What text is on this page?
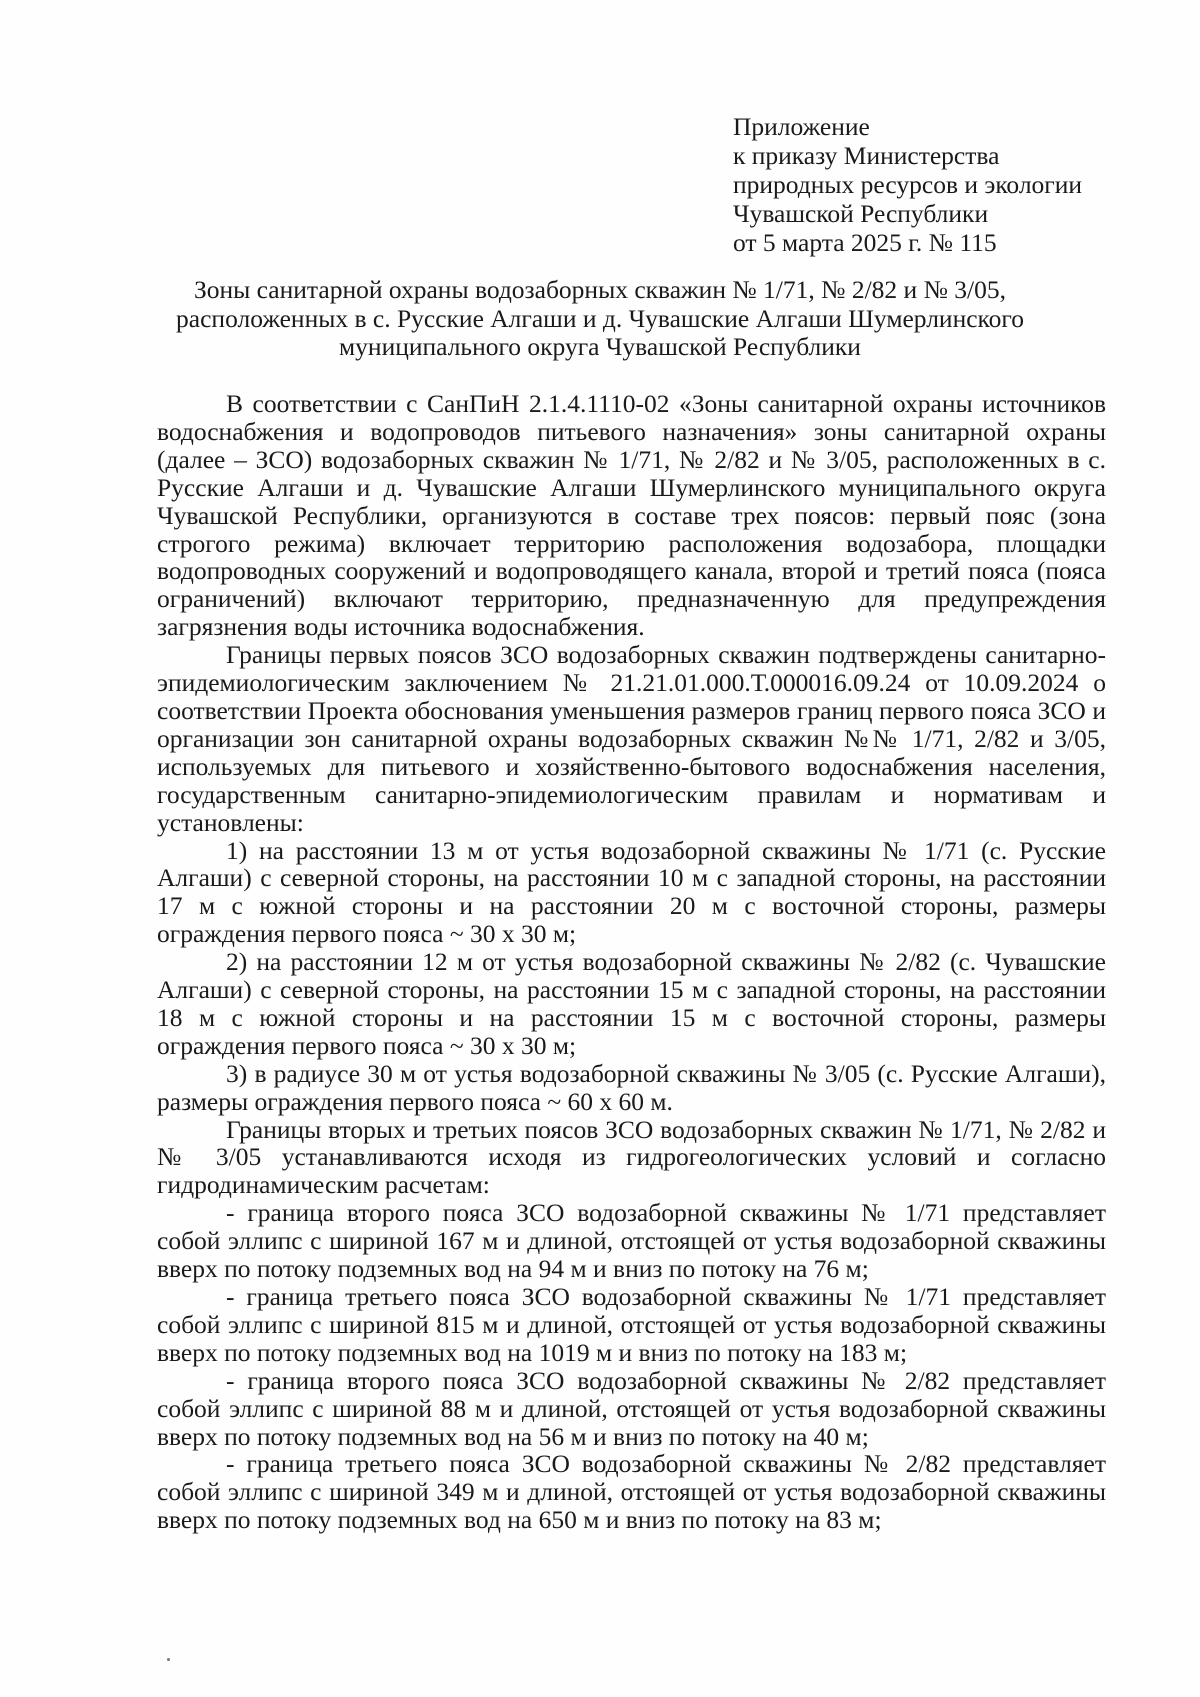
Приложение
к приказу Министерства
природных ресурсов и экологии
Чувашской Республики
от 5 марта 2025 г. № 115
Зоны санитарной охраны водозаборных скважин № 1/71, № 2/82 и № 3/05,
расположенных в с. Русские Алгаши и д. Чувашские Алгаши Шумерлинского
муниципального округа Чувашской Республики

В соответствии с СанПиН 2.1.4.1110-02 «Зоны санитарной охраны источников водоснабжения и водопроводов питьевого назначения» зоны санитарной охраны (далее – ЗСО) водозаборных скважин № 1/71, № 2/82 и № 3/05, расположенных в с. Русские Алгаши и д. Чувашские Алгаши Шумерлинского муниципального округа Чувашской Республики, организуются в составе трех поясов: первый пояс (зона строгого режима) включает территорию расположения водозабора, площадки водопроводных сооружений и водопроводящего канала, второй и третий пояса (пояса ограничений) включают территорию, предназначенную для предупреждения загрязнения воды источника водоснабжения.

Границы первых поясов ЗСО водозаборных скважин подтверждены санитарно-эпидемиологическим заключением № 21.21.01.000.Т.000016.09.24 от 10.09.2024 о соответствии Проекта обоснования уменьшения размеров границ первого пояса ЗСО и организации зон санитарной охраны водозаборных скважин №№ 1/71, 2/82 и 3/05, используемых для питьевого и хозяйственно-бытового водоснабжения населения, государственным санитарно-эпидемиологическим правилам и нормативам и установлены:

1) на расстоянии 13 м от устья водозаборной скважины № 1/71 (с. Русские Алгаши) с северной стороны, на расстоянии 10 м с западной стороны, на расстоянии 17 м с южной стороны и на расстоянии 20 м с восточной стороны, размеры ограждения первого пояса ~ 30 х 30 м;

2) на расстоянии 12 м от устья водозаборной скважины № 2/82 (с. Чувашские Алгаши) с северной стороны, на расстоянии 15 м с западной стороны, на расстоянии 18 м с южной стороны и на расстоянии 15 м с восточной стороны, размеры ограждения первого пояса ~ 30 х 30 м;

3) в радиусе 30 м от устья водозаборной скважины № 3/05 (с. Русские Алгаши), размеры ограждения первого пояса ~ 60 х 60 м.

Границы вторых и третьих поясов ЗСО водозаборных скважин № 1/71, № 2/82 и № 3/05 устанавливаются исходя из гидрогеологических условий и согласно гидродинамическим расчетам:

- граница второго пояса ЗСО водозаборной скважины № 1/71 представляет собой эллипс с шириной 167 м и длиной, отстоящей от устья водозаборной скважины вверх по потоку подземных вод на 94 м и вниз по потоку на 76 м;

- граница третьего пояса ЗСО водозаборной скважины № 1/71 представляет собой эллипс с шириной 815 м и длиной, отстоящей от устья водозаборной скважины вверх по потоку подземных вод на 1019 м и вниз по потоку на 183 м;

- граница второго пояса ЗСО водозаборной скважины № 2/82 представляет собой эллипс с шириной 88 м и длиной, отстоящей от устья водозаборной скважины вверх по потоку подземных вод на 56 м и вниз по потоку на 40 м;

- граница третьего пояса ЗСО водозаборной скважины № 2/82 представляет собой эллипс с шириной 349 м и длиной, отстоящей от устья водозаборной скважины вверх по потоку подземных вод на 650 м и вниз по потоку на 83 м;
